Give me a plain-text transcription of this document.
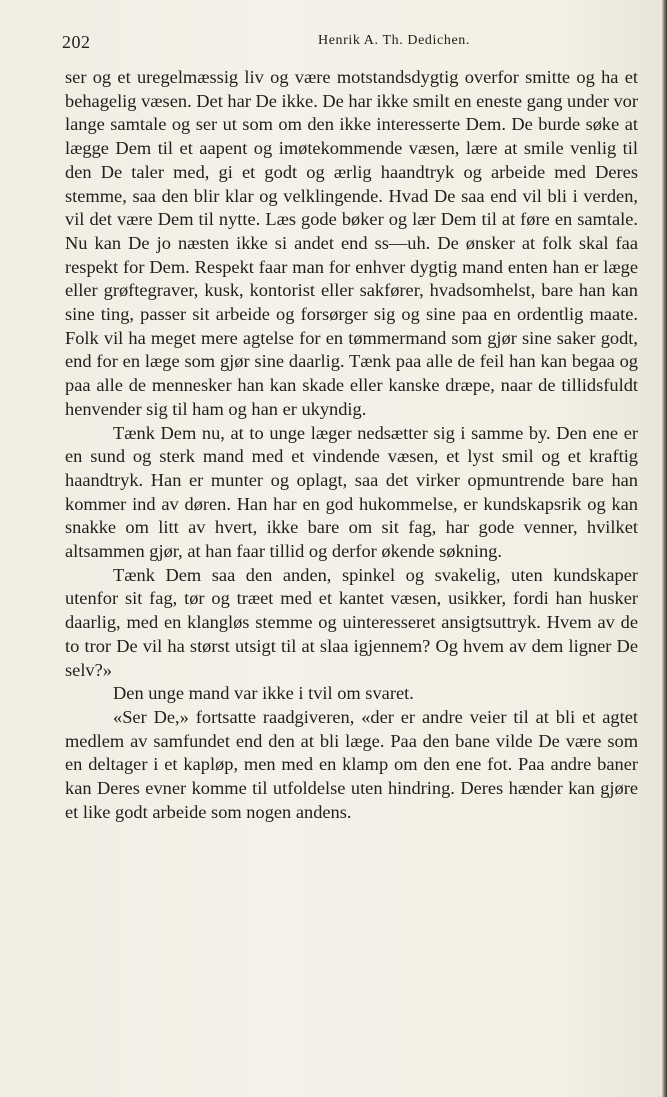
202	Henrik A. Th. Dedichen.

ser og et uregelmæssig liv og være motstandsdygtig overfor smitte og ha et behagelig væsen. Det har De ikke. De har ikke smilt en eneste gang under vor lange samtale og ser ut som om den ikke interesserte Dem. De burde søke at lægge Dem til et aapent og imøtekommende væsen, lære at smile venlig til den De taler med, gi et godt og ærlig haandtryk og arbeide med Deres stemme, saa den blir klar og velklingende. Hvad De saa end vil bli i verden, vil det være Dem til nytte. Læs gode bøker og lær Dem til at føre en samtale. Nu kan De jo næsten ikke si andet end ss—uh. De ønsker at folk skal faa respekt for Dem. Respekt faar man for enhver dygtig mand enten han er læge eller grøftegraver, kusk, kontorist eller sakfører, hvadsomhelst, bare han kan sine ting, passer sit arbeide og forsørger sig og sine paa en ordentlig maate. Folk vil ha meget mere agtelse for en tømmermand som gjør sine saker godt, end for en læge som gjør sine daarlig. Tænk paa alle de feil han kan begaa og paa alle de mennesker han kan skade eller kanske dræpe, naar de tillidsfuldt henvender sig til ham og han er ukyndig.

Tænk Dem nu, at to unge læger nedsætter sig i samme by. Den ene er en sund og sterk mand med et vindende væsen, et lyst smil og et kraftig haandtryk. Han er munter og oplagt, saa det virker opmuntrende bare han kommer ind av døren. Han har en god hukommelse, er kundskapsrik og kan snakke om litt av hvert, ikke bare om sit fag, har gode venner, hvilket altsammen gjør, at han faar tillid og derfor økende søkning.

Tænk Dem saa den anden, spinkel og svakelig, uten kundskaper utenfor sit fag, tør og træet med et kantet væsen, usikker, fordi han husker daarlig, med en klangløs stemme og uinteresseret ansigtsuttryk. Hvem av de to tror De vil ha størst utsigt til at slaa igjennem? Og hvem av dem ligner De selv?»

Den unge mand var ikke i tvil om svaret.

«Ser De,» fortsatte raadgiveren, «der er andre veier til at bli et agtet medlem av samfundet end den at bli læge. Paa den bane vilde De være som en deltager i et kapløp, men med en klamp om den ene fot. Paa andre baner kan Deres evner komme til utfoldelse uten hindring. Deres hænder kan gjøre et like godt arbeide som nogen andens.
